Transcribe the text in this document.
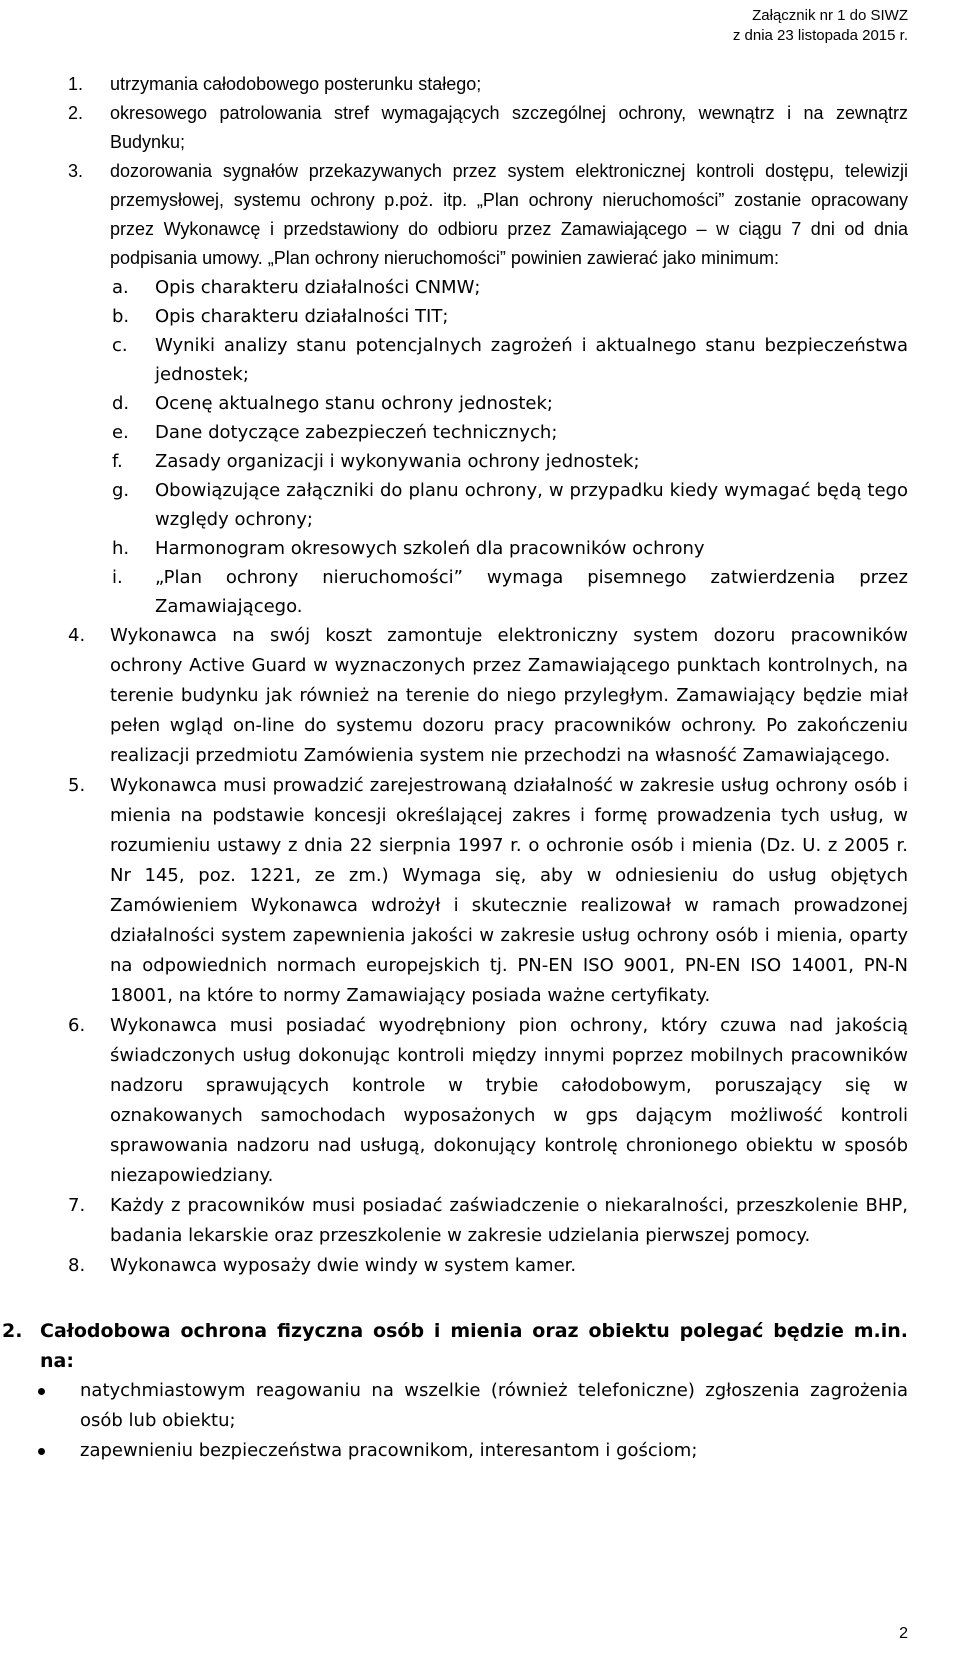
Załącznik nr 1 do SIWZ
z dnia 23 listopada 2015 r.
1. utrzymania całodobowego posterunku stałego;
2. okresowego patrolowania stref wymagających szczególnej ochrony, wewnątrz i na zewnątrz Budynku;
3. dozorowania sygnałów przekazywanych przez system elektronicznej kontroli dostępu, telewizji przemysłowej, systemu ochrony p.poż. itp. „Plan ochrony nieruchomości” zostanie opracowany przez Wykonawcę i przedstawiony do odbioru przez Zamawiającego – w ciągu 7 dni od dnia podpisania umowy. „Plan ochrony nieruchomości” powinien zawierać jako minimum:
a. Opis charakteru działalności CNMW;
b. Opis charakteru działalności TIT;
c. Wyniki analizy stanu potencjalnych zagrożeń i aktualnego stanu bezpieczeństwa jednostek;
d. Ocenę aktualnego stanu ochrony jednostek;
e. Dane dotyczące zabezpieczeń technicznych;
f. Zasady organizacji i wykonywania ochrony jednostek;
g. Obowiązujące załączniki do planu ochrony, w przypadku kiedy wymagać będą tego względy ochrony;
h. Harmonogram okresowych szkoleń dla pracowników ochrony
i. „Plan ochrony nieruchomości” wymaga pisemnego zatwierdzenia przez Zamawiającego.
4. Wykonawca na swój koszt zamontuje elektroniczny system dozoru pracowników ochrony Active Guard w wyznaczonych przez Zamawiającego punktach kontrolnych, na terenie budynku jak również na terenie do niego przyległym. Zamawiający będzie miał pełen wgląd on-line do systemu dozoru pracy pracowników ochrony. Po zakończeniu realizacji przedmiotu Zamówienia system nie przechodzi na własność Zamawiającego.
5. Wykonawca musi prowadzić zarejestrowaną działalność w zakresie usług ochrony osób i mienia na podstawie koncesji określającej zakres i formę prowadzenia tych usług, w rozumieniu ustawy z dnia 22 sierpnia 1997 r. o ochronie osób i mienia (Dz. U. z 2005 r. Nr 145, poz. 1221, ze zm.) Wymaga się, aby w odniesieniu do usług objętych Zamówieniem Wykonawca wdrożył i skutecznie realizował w ramach prowadzonej działalności system zapewnienia jakości w zakresie usług ochrony osób i mienia, oparty na odpowiednich normach europejskich tj. PN-EN ISO 9001, PN-EN ISO 14001, PN-N 18001, na które to normy Zamawiający posiada ważne certyfikaty.
6. Wykonawca musi posiadać wyodrębniony pion ochrony, który czuwa nad jakością świadczonych usług dokonując kontroli między innymi poprzez mobilnych pracowników nadzoru sprawujących kontrole w trybie całodobowym, poruszający się w oznakowanych samochodach wyposażonych w gps dającym możliwość kontroli sprawowania nadzoru nad usługą, dokonujący kontrolę chronionego obiektu w sposób niezapowiedziany.
7. Każdy z pracowników musi posiadać zaświadczenie o niekaralności, przeszkolenie BHP, badania lekarskie oraz przeszkolenie w zakresie udzielania pierwszej pomocy.
8. Wykonawca wyposaży dwie windy w system kamer.
2. Całodobowa ochrona fizyczna osób i mienia oraz obiektu polegać będzie m.in. na:
natychmiastowym reagowaniu na wszelkie (również telefoniczne) zgłoszenia zagrożenia osób lub obiektu;
zapewnieniu bezpieczeństwa pracownikom, interesantom i gościom;
2
